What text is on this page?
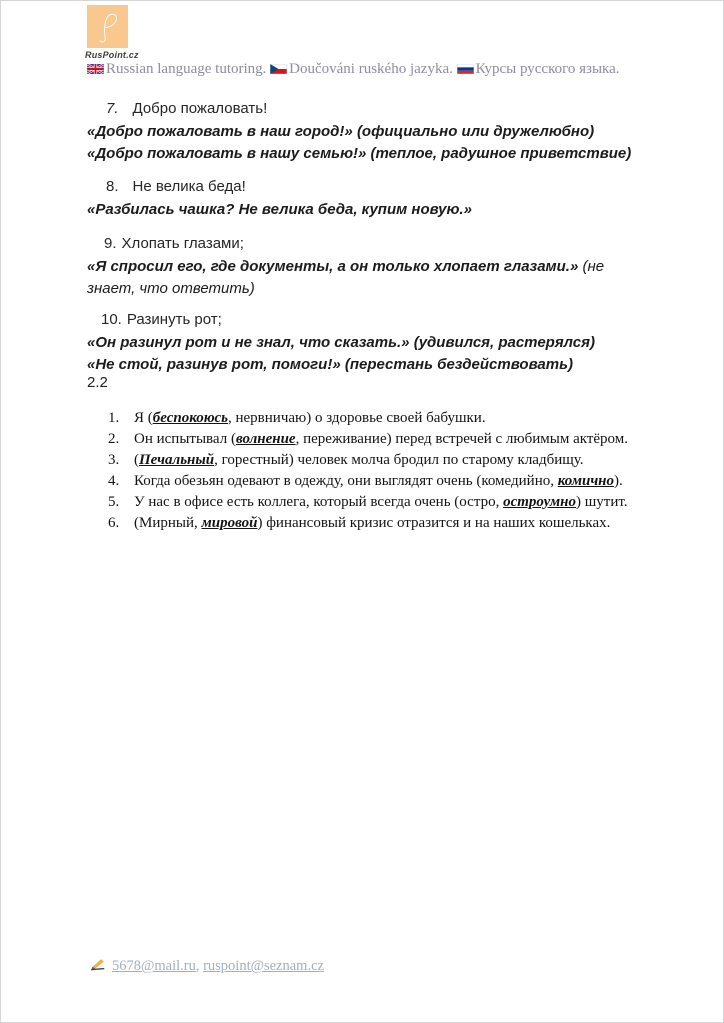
RusPoint.cz
Russian language tutoring. Doučováni ruského jazyka. Курсы русского языка.
7. Добро пожаловать!
«Добро пожаловать в наш город!» (официально или дружелюбно)
«Добро пожаловать в нашу семью!» (теплое, радушное приветствие)
8. Не велика беда!
«Разбилась чашка? Не велика беда, купим новую.»
9. Хлопать глазами;
«Я спросил его, где документы, а он только хлопает глазами.» (не знает, что ответить)
10. Разинуть рот;
«Он разинул рот и не знал, что сказать.» (удивился, растерялся)
«Не стой, разинув рот, помоги!» (перестань бездействовать)
2.2
1. Я (беспокоюсь, нервничаю) о здоровье своей бабушки.
2. Он испытывал (волнение, переживание) перед встречей с любимым актёром.
3. (Печальный, горестный) человек молча бродил по старому кладбищу.
4. Когда обезьян одевают в одежду, они выглядят очень (комедийно, комично).
5. У нас в офисе есть коллега, который всегда очень (остро, остроумно) шутит.
6. (Мирный, мировой) финансовый кризис отразится и на наших кошельках.
5678@mail.ru, ruspoint@seznam.cz
